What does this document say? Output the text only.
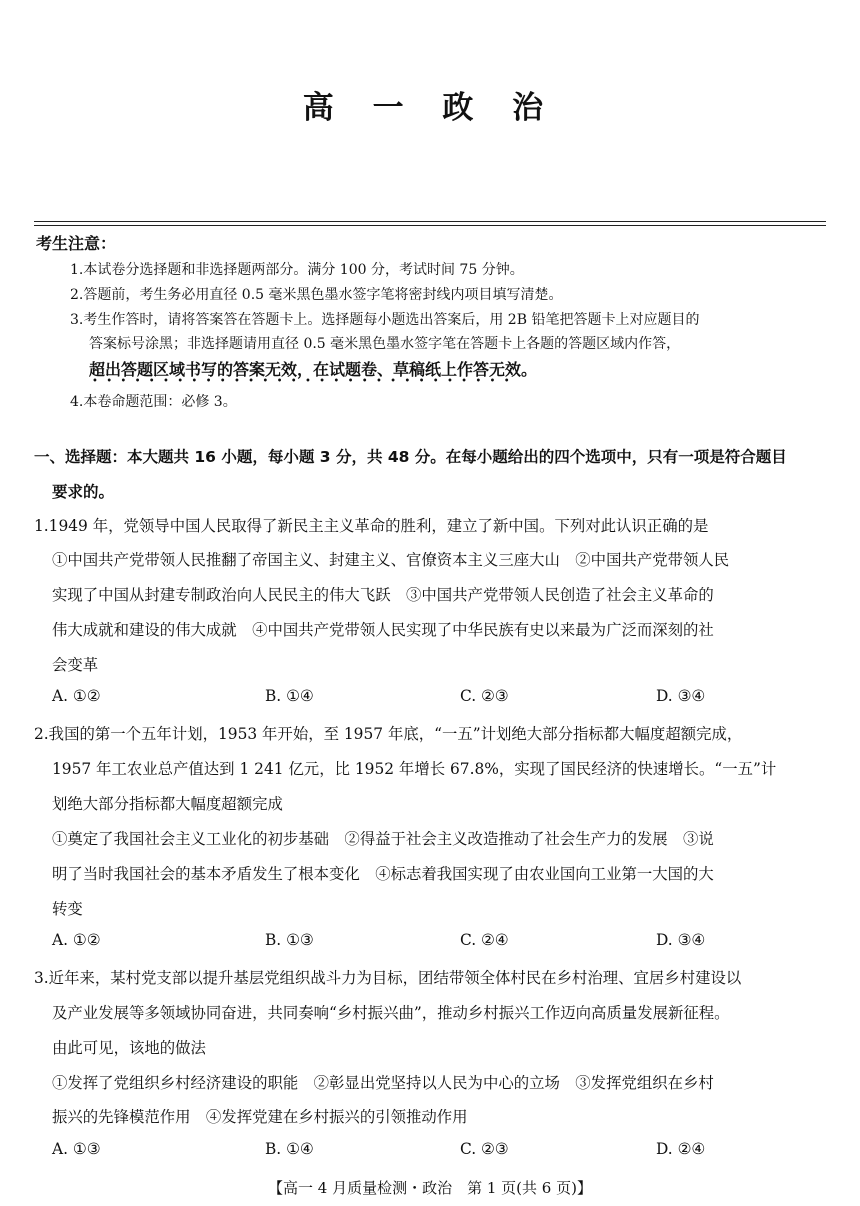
高 一 政 治
考生注意：
1.本试卷分选择题和非选择题两部分。满分 100 分，考试时间 75 分钟。
2.答题前，考生务必用直径 0.5 毫米黑色墨水签字笔将密封线内项目填写清楚。
3.考生作答时，请将答案答在答题卡上。选择题每小题选出答案后，用 2B 铅笔把答题卡上对应题目的
答案标号涂黑；非选择题请用直径 0.5 毫米黑色墨水签字笔在答题卡上各题的答题区域内作答，
超出答题区域书写的答案无效，在试题卷、草稿纸上作答无效。
••••••••••••••••••••••••••••••
4.本卷命题范围：必修 3。
一、选择题：本大题共 16 小题，每小题 3 分，共 48 分。在每小题给出的四个选项中，只有一项是符合题目
要求的。
1.1949 年，党领导中国人民取得了新民主主义革命的胜利，建立了新中国。下列对此认识正确的是
①中国共产党带领人民推翻了帝国主义、封建主义、官僚资本主义三座大山　②中国共产党带领人民
实现了中国从封建专制政治向人民民主的伟大飞跃　③中国共产党带领人民创造了社会主义革命的
伟大成就和建设的伟大成就　④中国共产党带领人民实现了中华民族有史以来最为广泛而深刻的社
会变革
A. ①②	B. ①④	C. ②③	D. ③④
2.我国的第一个五年计划，1953 年开始，至 1957 年底，“一五”计划绝大部分指标都大幅度超额完成，
1957 年工农业总产值达到 1 241 亿元，比 1952 年增长 67.8%，实现了国民经济的快速增长。“一五”计
划绝大部分指标都大幅度超额完成
①奠定了我国社会主义工业化的初步基础　②得益于社会主义改造推动了社会生产力的发展　③说
明了当时我国社会的基本矛盾发生了根本变化　④标志着我国实现了由农业国向工业第一大国的大
转变
A. ①②	B. ①③	C. ②④	D. ③④
3.近年来，某村党支部以提升基层党组织战斗力为目标，团结带领全体村民在乡村治理、宜居乡村建设以
及产业发展等多领域协同奋进，共同奏响“乡村振兴曲”，推动乡村振兴工作迈向高质量发展新征程。
由此可见，该地的做法
①发挥了党组织乡村经济建设的职能　②彰显出党坚持以人民为中心的立场　③发挥党组织在乡村
振兴的先锋模范作用　④发挥党建在乡村振兴的引领推动作用
A. ①③	B. ①④	C. ②③	D. ②④
【高一 4 月质量检测・政治　第 1 页(共 6 页)】
